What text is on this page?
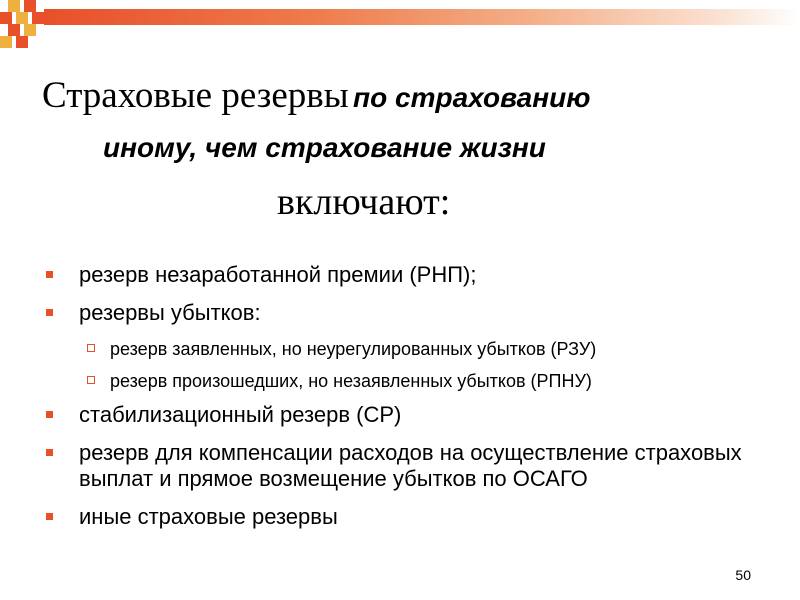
Страховые резервы по страхованию
иному, чем страхование жизни
включают:
резерв незаработанной премии (РНП);
резервы убытков:
резерв заявленных, но неурегулированных убытков (РЗУ)
резерв произошедших, но незаявленных убытков (РПНУ)
стабилизационный резерв (СР)
резерв для компенсации расходов на осуществление страховых выплат и прямое возмещение убытков по ОСАГО
иные страховые резервы
50
